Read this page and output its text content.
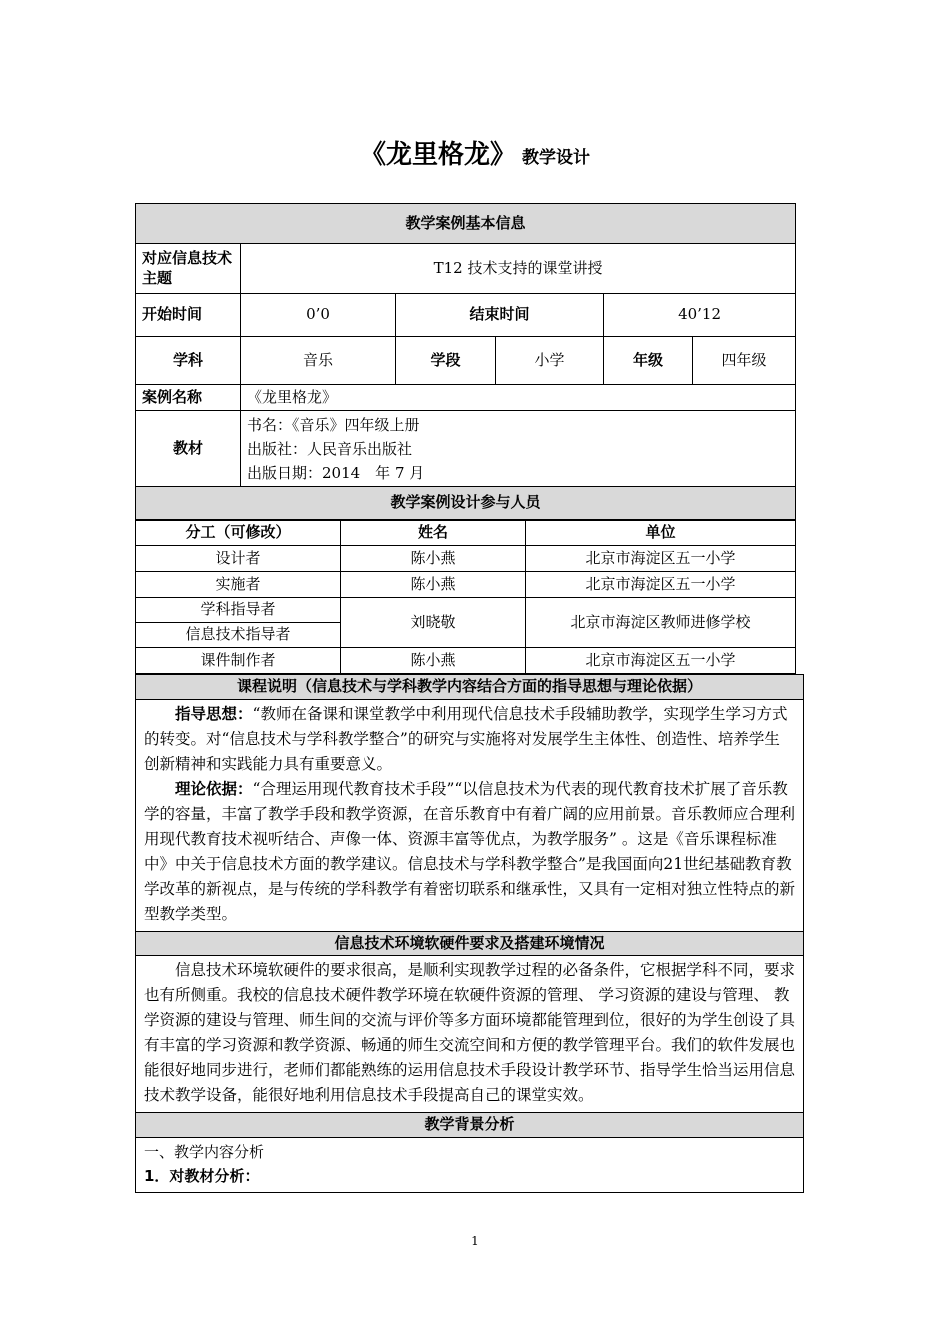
《龙里格龙》 教学设计
教学案例基本信息					
对应信息技术主题	T12 技术支持的课堂讲授				
开始时间	0’0	结束时间		40’12	
学科	音乐	学段	小学	年级	四年级
案例名称	《龙里格龙》				
教材	书名：《音乐》四年级上册
出版社：人民音乐出版社
出版日期：2014　年 7 月				

教学案例设计参与人员					
分工（可修改）	姓名	单位
设计者	陈小燕	北京市海淀区五一小学
实施者	陈小燕	北京市海淀区五一小学
学科指导者	刘晓敬	北京市海淀区教师进修学校
信息技术指导者		
课件制作者	陈小燕	北京市海淀区五一小学
课程说明（信息技术与学科教学内容结合方面的指导思想与理论依据）

指导思想：“教师在备课和课堂教学中利用现代信息技术手段辅助教学，实现学生学习方式的转变。对“信息技术与学科教学整合”的研究与实施将对发展学生主体性、创造性、培养学生创新精神和实践能力具有重要意义。
理论依据：“合理运用现代教育技术手段”“以信息技术为代表的现代教育技术扩展了音乐教学的容量，丰富了教学手段和教学资源，在音乐教育中有着广阔的应用前景。音乐教师应合理利用现代教育技术视听结合、声像一体、资源丰富等优点，为教学服务” 。这是《音乐课程标准中》中关于信息技术方面的教学建议。信息技术与学科教学整合”是我国面向21世纪基础教育教学改革的新视点，是与传统的学科教学有着密切联系和继承性，又具有一定相对独立性特点的新型教学类型。

信息技术环境软硬件要求及搭建环境情况

信息技术环境软硬件的要求很高，是顺利实现教学过程的必备条件，它根据学科不同，要求也有所侧重。我校的信息技术硬件教学环境在软硬件资源的管理、 学习资源的建设与管理、 教学资源的建设与管理、师生间的交流与评价等多方面环境都能管理到位，很好的为学生创设了具有丰富的学习资源和教学资源、畅通的师生交流空间和方便的教学管理平台。我们的软件发展也能很好地同步进行，老师们都能熟练的运用信息技术手段设计教学环节、指导学生恰当运用信息技术教学设备，能很好地利用信息技术手段提高自己的课堂实效。

教学背景分析

一、教学内容分析
1．对教材分析：
1
